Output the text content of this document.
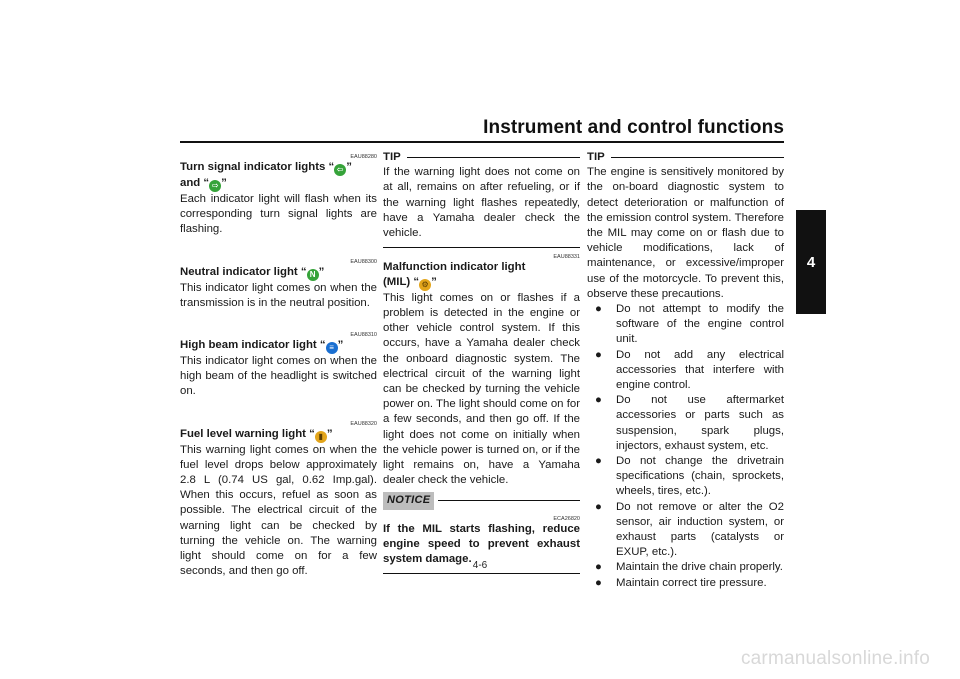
Instrument and control functions
4
EAU88280
Turn signal indicator lights “ ⇦ ”
and “ ⇨ ”

Each indicator light will flash when its corresponding turn signal lights are flashing.

EAU88300
Neutral indicator light “ N ”

This indicator light comes on when the transmission is in the neutral position.

EAU88310
High beam indicator light “ ≡ ”

This indicator light comes on when the high beam of the headlight is switched on.

EAU88320
Fuel level warning light “ ▮ ”

This warning light comes on when the fuel level drops below approximately 2.8 L (0.74 US gal, 0.62 Imp.gal). When this occurs, refuel as soon as possible. The electrical circuit of the warning light can be checked by turning the vehicle on. The warning light should come on for a few seconds, and then go off.

TIP

If the warning light does not come on at all, remains on after refueling, or if the warning light flashes repeatedly, have a Yamaha dealer check the vehicle.

EAU88331
Malfunction indicator light
(MIL) “ ⚙ ”

This light comes on or flashes if a problem is detected in the engine or other vehicle control system. If this occurs, have a Yamaha dealer check the onboard diagnostic system. The electrical circuit of the warning light can be checked by turning the vehicle power on. The light should come on for a few seconds, and then go off. If the light does not come on initially when the vehicle power is turned on, or if the light remains on, have a Yamaha dealer check the vehicle.

NOTICE
ECA26820

If the MIL starts flashing, reduce engine speed to prevent exhaust system damage.

TIP

The engine is sensitively monitored by the on-board diagnostic system to detect deterioration or malfunction of the emission control system. Therefore the MIL may come on or flash due to vehicle modifications, lack of maintenance, or excessive/improper use of the motorcycle. To prevent this, observe these precautions.

● Do not attempt to modify the software of the engine control unit.
● Do not add any electrical accessories that interfere with engine control.
● Do not use aftermarket accessories or parts such as suspension, spark plugs, injectors, exhaust system, etc.
● Do not change the drivetrain specifications (chain, sprockets, wheels, tires, etc.).
● Do not remove or alter the O2 sensor, air induction system, or exhaust parts (catalysts or EXUP, etc.).
● Maintain the drive chain properly.
● Maintain correct tire pressure.
4-6
carmanualsonline.info
